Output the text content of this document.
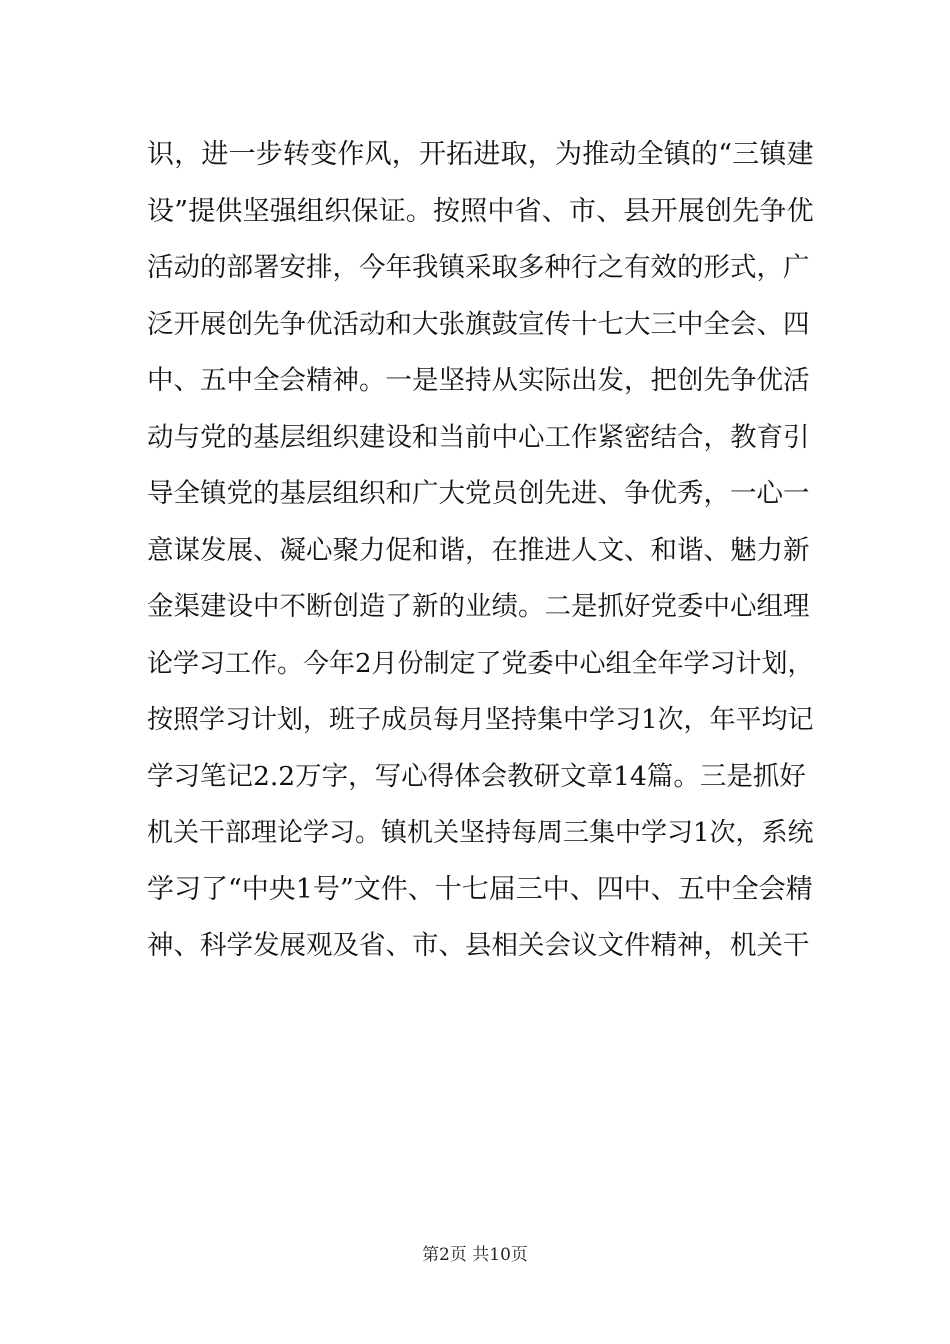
识，进一步转变作风，开拓进取，为推动全镇的“三镇建
设”提供坚强组织保证。按照中省、市、县开展创先争优
活动的部署安排，今年我镇采取多种行之有效的形式，广
泛开展创先争优活动和大张旗鼓宣传十七大三中全会、四
中、五中全会精神。一是坚持从实际出发，把创先争优活
动与党的基层组织建设和当前中心工作紧密结合，教育引
导全镇党的基层组织和广大党员创先进、争优秀，一心一
意谋发展、凝心聚力促和谐，在推进人文、和谐、魅力新
金渠建设中不断创造了新的业绩。二是抓好党委中心组理
论学习工作。今年2月份制定了党委中心组全年学习计划，
按照学习计划，班子成员每月坚持集中学习1次，年平均记
学习笔记2.2万字，写心得体会教研文章14篇。三是抓好
机关干部理论学习。镇机关坚持每周三集中学习1次，系统
学习了“中央1号”文件、十七届三中、四中、五中全会精
神、科学发展观及省、市、县相关会议文件精神，机关干
第2页 共10页
